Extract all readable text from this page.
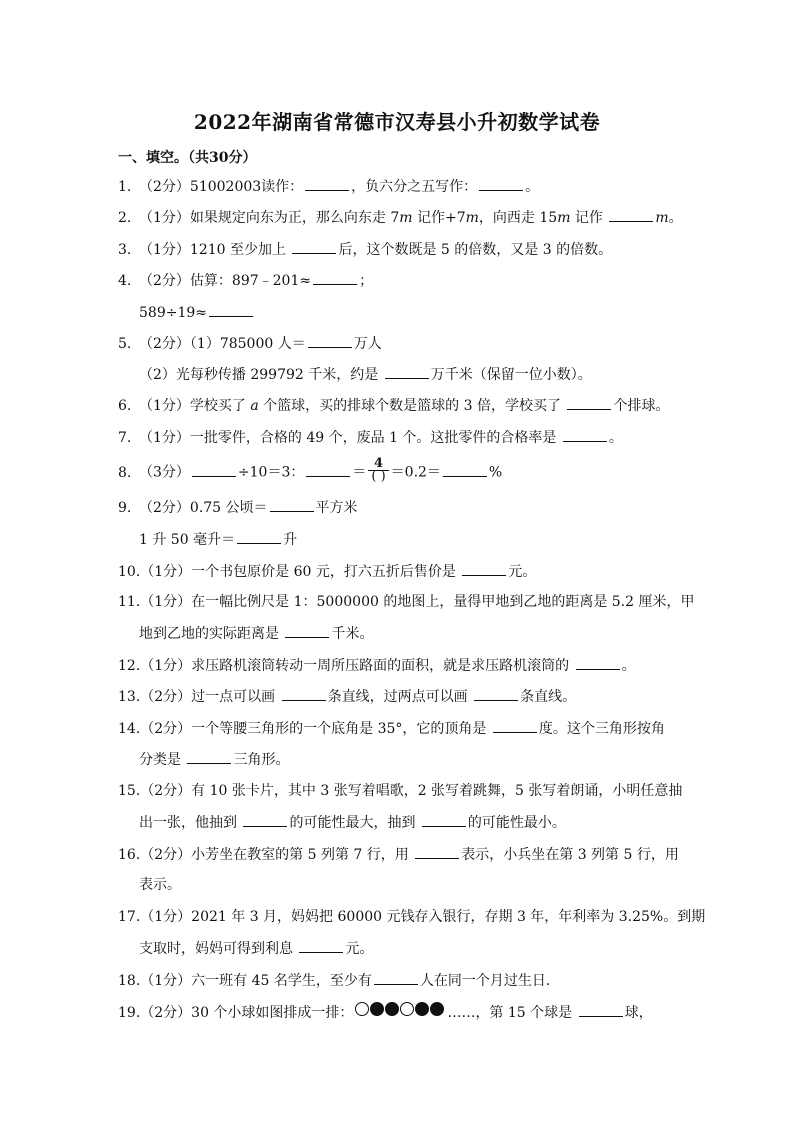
2022年湖南省常德市汉寿县小升初数学试卷
一、填空。（共30分）
1. （2分）51002003读作：	，负六分之五写作：	。
2. （1分）如果规定向东为正，那么向东走 7m 记作+7m，向西走 15m 记作	m。
3. （1分）1210 至少加上	后，这个数既是 5 的倍数，又是 3 的倍数。
4. （2分）估算：897﹣201≈	；
589÷19≈
5. （2分）（1）785000 人＝	万人
（2）光每秒传播 299792 千米，约是	万千米（保留一位小数）。
6. （1分）学校买了 a 个篮球，买的排球个数是篮球的 3 倍，学校买了	个排球。
7. （1分）一批零件，合格的 49 个，废品 1 个。这批零件的合格率是	。
8. （3分）	÷10＝3：	＝ $\frac{4}{( )} =0.2=$	%
9. （2分）0.75 公顷＝	平方米
1 升 50 毫升＝	升
10.（1分）一个书包原价是 60 元，打六五折后售价是	元。
11.（1分）在一幅比例尺是 1：5000000 的地图上，量得甲地到乙地的距离是 5.2 厘米，甲
地到乙地的实际距离是	千米。
12.（1分）求压路机滚筒转动一周所压路面的面积，就是求压路机滚筒的	。
13.（2分）过一点可以画	条直线，过两点可以画	条直线。
14.（2分）一个等腰三角形的一个底角是 35°，它的顶角是	度。这个三角形按角
分类是	三角形。
15.（2分）有 10 张卡片，其中 3 张写着唱歌，2 张写着跳舞，5 张写着朗诵，小明任意抽
出一张，他抽到	的可能性最大，抽到	的可能性最小。
16.（2分）小芳坐在教室的第 5 列第 7 行，用	表示，小兵坐在第 3 列第 5 行，用
表示。
17.（1分）2021 年 3 月，妈妈把 60000 元钱存入银行，存期 3 年，年利率为 3.25%。到期
支取时，妈妈可得到利息	元。
18.（1分）六一班有 45 名学生，至少有	人在同一个月过生日.
19.（2分）30 个小球如图排成一排：	……，第 15 个球是	球，
